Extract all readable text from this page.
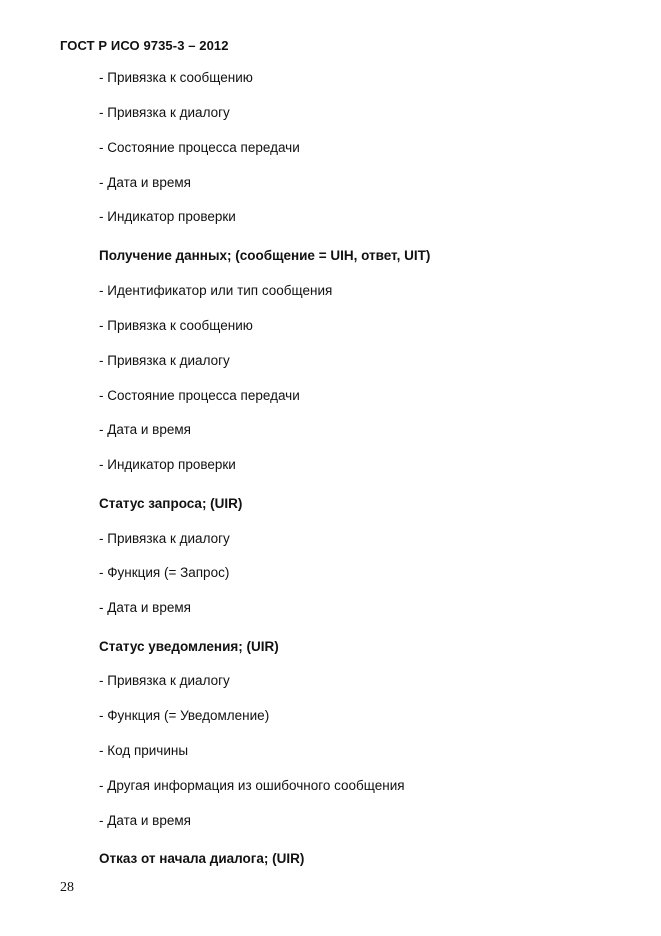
ГОСТ Р ИСО 9735-3 – 2012
- Привязка к сообщению
- Привязка к диалогу
- Состояние процесса передачи
- Дата и время
- Индикатор проверки
Получение данных; (сообщение = UIH, ответ, UIT)
- Идентификатор или тип сообщения
- Привязка к сообщению
- Привязка к диалогу
- Состояние процесса передачи
- Дата и время
- Индикатор проверки
Статус запроса; (UIR)
- Привязка к диалогу
- Функция (= Запрос)
- Дата и время
Статус уведомления; (UIR)
- Привязка к диалогу
- Функция (= Уведомление)
- Код причины
- Другая информация из ошибочного сообщения
- Дата и время
Отказ от начала диалога; (UIR)
28
